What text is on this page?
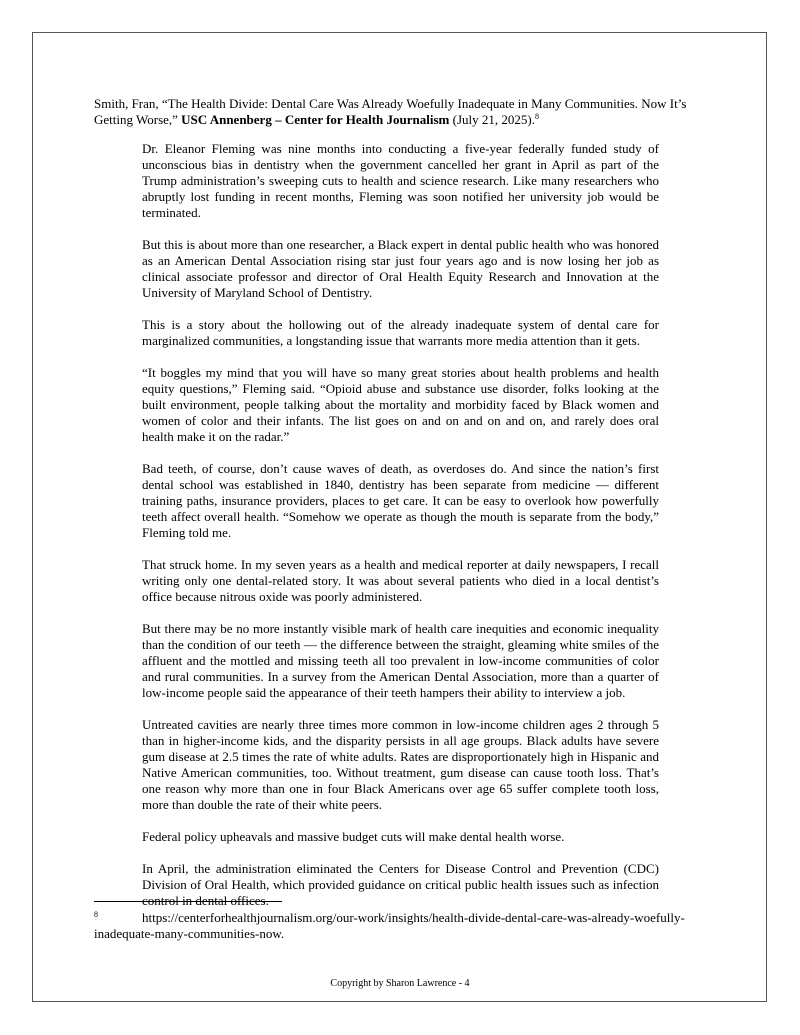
Smith, Fran, “The Health Divide: Dental Care Was Already Woefully Inadequate in Many Communities. Now It’s Getting Worse,” USC Annenberg – Center for Health Journalism (July 21, 2025).$^8$

Dr. Eleanor Fleming was nine months into conducting a five-year federally funded study of unconscious bias in dentistry when the government cancelled her grant in April as part of the Trump administration’s sweeping cuts to health and science research. Like many researchers who abruptly lost funding in recent months, Fleming was soon notified her university job would be terminated.

But this is about more than one researcher, a Black expert in dental public health who was honored as an American Dental Association rising star just four years ago and is now losing her job as clinical associate professor and director of Oral Health Equity Research and Innovation at the University of Maryland School of Dentistry.

This is a story about the hollowing out of the already inadequate system of dental care for marginalized communities, a longstanding issue that warrants more media attention than it gets.

“It boggles my mind that you will have so many great stories about health problems and health equity questions,” Fleming said. “Opioid abuse and substance use disorder, folks looking at the built environment, people talking about the mortality and morbidity faced by Black women and women of color and their infants. The list goes on and on and on and on, and rarely does oral health make it on the radar.”

Bad teeth, of course, don’t cause waves of death, as overdoses do. And since the nation’s first dental school was established in 1840, dentistry has been separate from medicine — different training paths, insurance providers, places to get care. It can be easy to overlook how powerfully teeth affect overall health. “Somehow we operate as though the mouth is separate from the body,” Fleming told me.

That struck home. In my seven years as a health and medical reporter at daily newspapers, I recall writing only one dental-related story. It was about several patients who died in a local dentist’s office because nitrous oxide was poorly administered.

But there may be no more instantly visible mark of health care inequities and economic inequality than the condition of our teeth — the difference between the straight, gleaming white smiles of the affluent and the mottled and missing teeth all too prevalent in low-income communities of color and rural communities. In a survey from the American Dental Association, more than a quarter of low-income people said the appearance of their teeth hampers their ability to interview a job.

Untreated cavities are nearly three times more common in low-income children ages 2 through 5 than in higher-income kids, and the disparity persists in all age groups. Black adults have severe gum disease at 2.5 times the rate of white adults. Rates are disproportionately high in Hispanic and Native American communities, too. Without treatment, gum disease can cause tooth loss. That’s one reason why more than one in four Black Americans over age 65 suffer complete tooth loss, more than double the rate of their white peers.

Federal policy upheavals and massive budget cuts will make dental health worse.

In April, the administration eliminated the Centers for Disease Control and Prevention (CDC) Division of Oral Health, which provided guidance on critical public health issues such as infection control in dental offices.

8	https://centerforhealthjournalism.org/our-work/insights/health-divide-dental-care-was-already-woefully-inadequate-many-communities-now.

Copyright by Sharon Lawrence - 4
